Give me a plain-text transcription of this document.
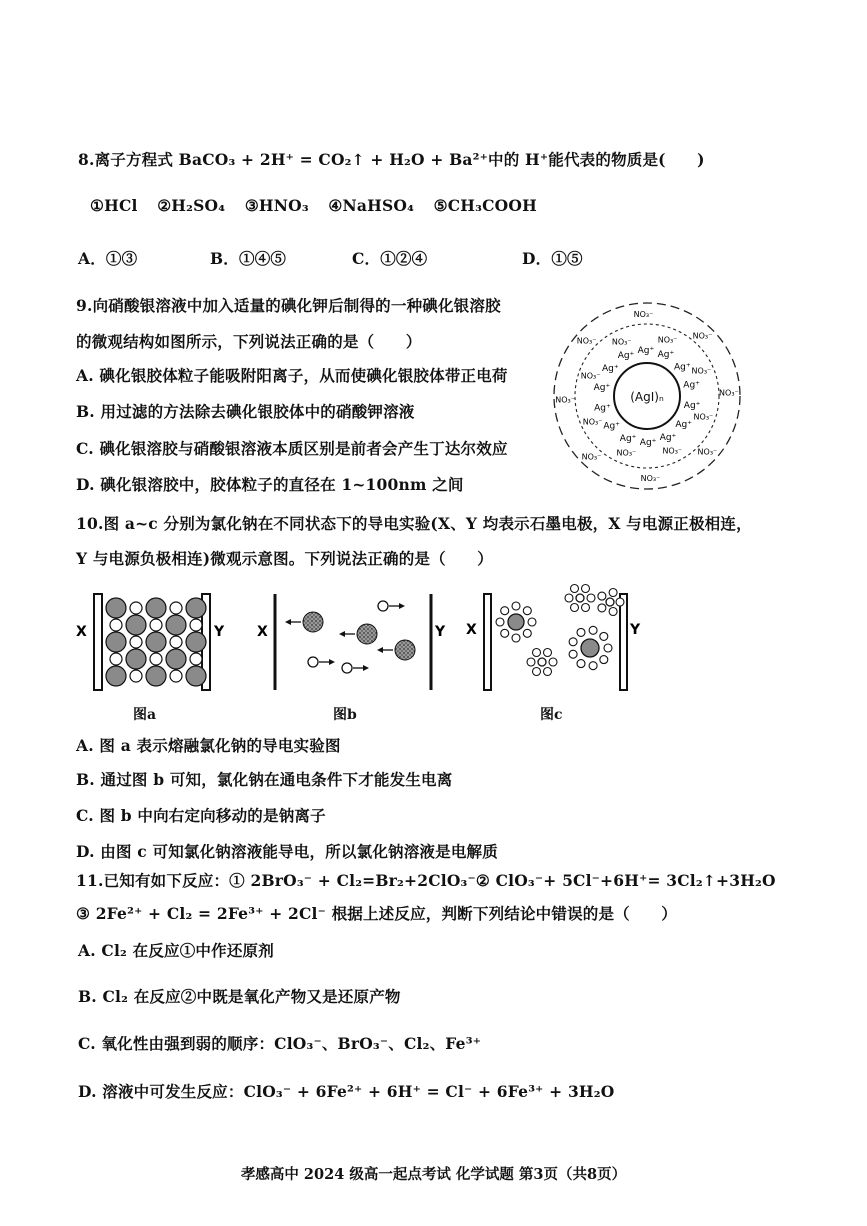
8.离子方程式 BaCO₃ + 2H⁺ = CO₂↑ + H₂O + Ba²⁺中的 H⁺能代表的物质是(　　)
①HCl ②H₂SO₄ ③HNO₃ ④NaHSO₄ ⑤CH₃COOH
A．①③	B．①④⑤	C．①②④	D．①⑤
9.向硝酸银溶液中加入适量的碘化钾后制得的一种碘化银溶胶
的微观结构如图所示，下列说法正确的是（　　）
A. 碘化银胶体粒子能吸附阳离子，从而使碘化银胶体带正电荷
B. 用过滤的方法除去碘化银胶体中的硝酸钾溶液
C. 碘化银溶胶与硝酸银溶液本质区别是前者会产生丁达尔效应
D. 碘化银溶胶中，胶体粒子的直径在 1~100nm 之间
(AgI)ₙ
Ag⁺
Ag⁺
Ag⁺
Ag⁺
Ag⁺
Ag⁺
Ag⁺
Ag⁺
Ag⁺
Ag⁺
Ag⁺ Ag⁺
Ag⁺
Ag⁺
NO₃⁻
NO₃⁻
NO₃⁻
NO₃⁻
NO₃⁻
NO₃⁻
NO₃⁻
NO₃⁻
NO₃⁻
NO₃⁻ NO₃⁻
NO₃⁻
NO₃⁻ NO₃⁻
NO₃⁻
NO₃⁻
10.图 a~c 分别为氯化钠在不同状态下的导电实验(X、Y 均表示石墨电极，X 与电源正极相连，
Y 与电源负极相连)微观示意图。下列说法正确的是（　　）
X	Y
图a
X	Y
图b
X	Y
图c
A. 图 a 表示熔融氯化钠的导电实验图
B. 通过图 b 可知，氯化钠在通电条件下才能发生电离
C. 图 b 中向右定向移动的是钠离子
D. 由图 c 可知氯化钠溶液能导电，所以氯化钠溶液是电解质
11.已知有如下反应：① 2BrO₃⁻ + Cl₂=Br₂+2ClO₃⁻② ClO₃⁻+ 5Cl⁻+6H⁺= 3Cl₂↑+3H₂O
③ 2Fe²⁺ + Cl₂ = 2Fe³⁺ + 2Cl⁻ 根据上述反应，判断下列结论中错误的是（　　）
A. Cl₂ 在反应①中作还原剂
B. Cl₂ 在反应②中既是氧化产物又是还原产物
C. 氧化性由强到弱的顺序：ClO₃⁻、BrO₃⁻、Cl₂、Fe³⁺
D. 溶液中可发生反应：ClO₃⁻ + 6Fe²⁺ + 6H⁺ = Cl⁻ + 6Fe³⁺ + 3H₂O
孝感高中 2024 级高一起点考试 化学试题 第3页（共8页）
